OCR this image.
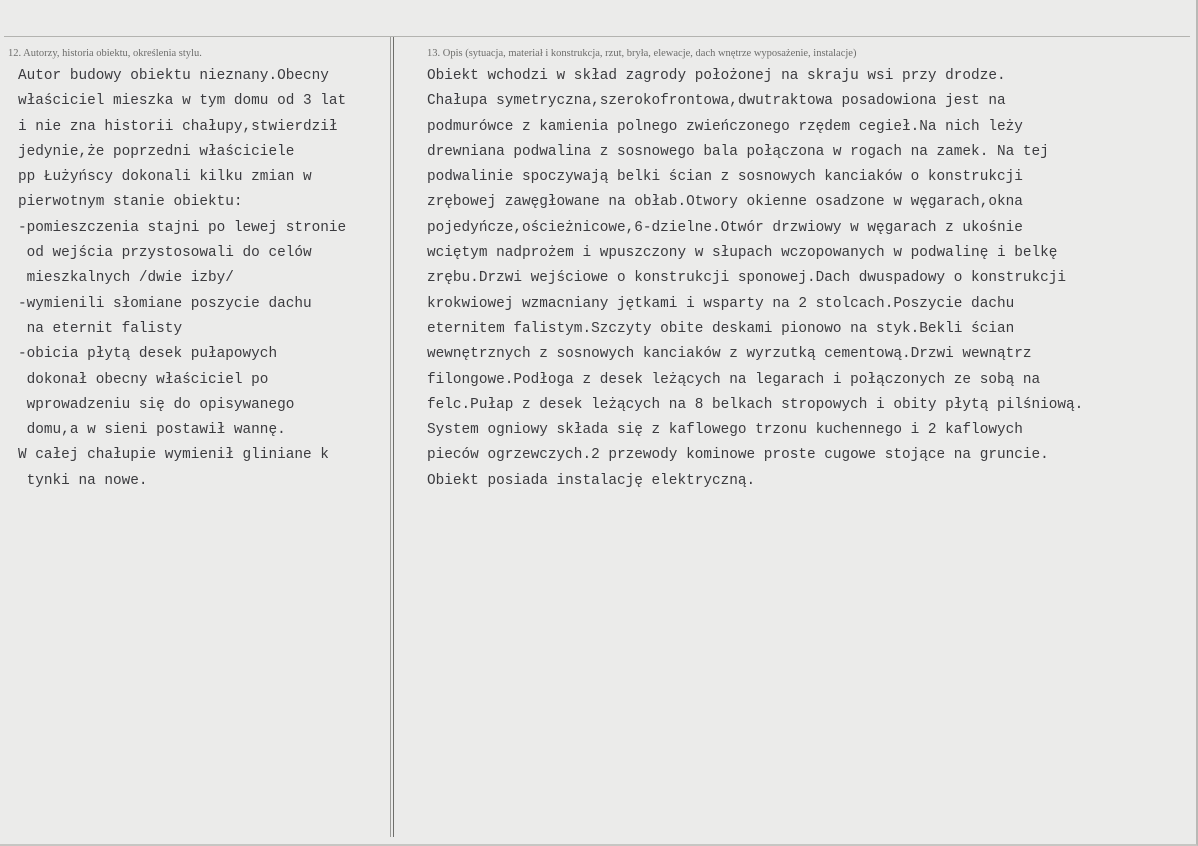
12. Autorzy, historia obiektu, określenia stylu.	13. Opis (sytuacja, materiał i konstrukcja, rzut, bryła, elewacje, dach wnętrze wyposażenie, instalacje)
Autor budowy obiektu nieznany.Obecny
właściciel mieszka w tym domu od 3 lat
i nie zna historii chałupy,stwierdził
jedynie,że poprzedni właściciele
pp Łużyńscy dokonali kilku zmian w
pierwotnym stanie obiektu:
-pomieszczenia stajni po lewej stronie
od wejścia przystosowali do celów
mieszkalnych /dwie izby/
-wymienili słomiane poszycie dachu
na eternit falisty
-obicia płytą desek pułapowych
dokonał obecny właściciel po
wprowadzeniu się do opisywanego
domu,a w sieni postawił wannę.
W całej chałupie wymienił gliniane k
tynki na nowe.
Obiekt wchodzi w skład zagrody położonej na skraju wsi przy drodze.
Chałupa symetryczna,szerokofrontowa,dwutraktowa posadowiona jest na
podmurówce z kamienia polnego zwieńczonego rzędem cegieł.Na nich leży
drewniana podwalina z sosnowego bala połączona w rogach na zamek. Na tej
podwalinie spoczywają belki ścian z sosnowych kanciaków o konstrukcji
zrębowej zawęgłowane na obłab.Otwory okienne osadzone w węgarach,okna
pojedyńcze,ościeżnicowe,6-dzielne.Otwór drzwiowy w węgarach z ukośnie
wciętym nadprożem i wpuszczony w słupach wczopowanych w podwalinę i belkę
zrębu.Drzwi wejściowe o konstrukcji sponowej.Dach dwuspadowy o konstrukcji
krokwiowej wzmacniany jętkami i wsparty na 2 stolcach.Poszycie dachu
eternitem falistym.Szczyty obite deskami pionowo na styk.Bekli ścian
wewnętrznych z sosnowych kanciaków z wyrzutką cementową.Drzwi wewnątrz
filongowe.Podłoga z desek leżących na legarach i połączonych ze sobą na
felc.Pułap z desek leżących na 8 belkach stropowych i obity płytą pilśniową.
System ogniowy składa się z kaflowego trzonu kuchennego i 2 kaflowych
pieców ogrzewczych.2 przewody kominowe proste cugowe stojące na gruncie.
Obiekt posiada instalację elektryczną.
